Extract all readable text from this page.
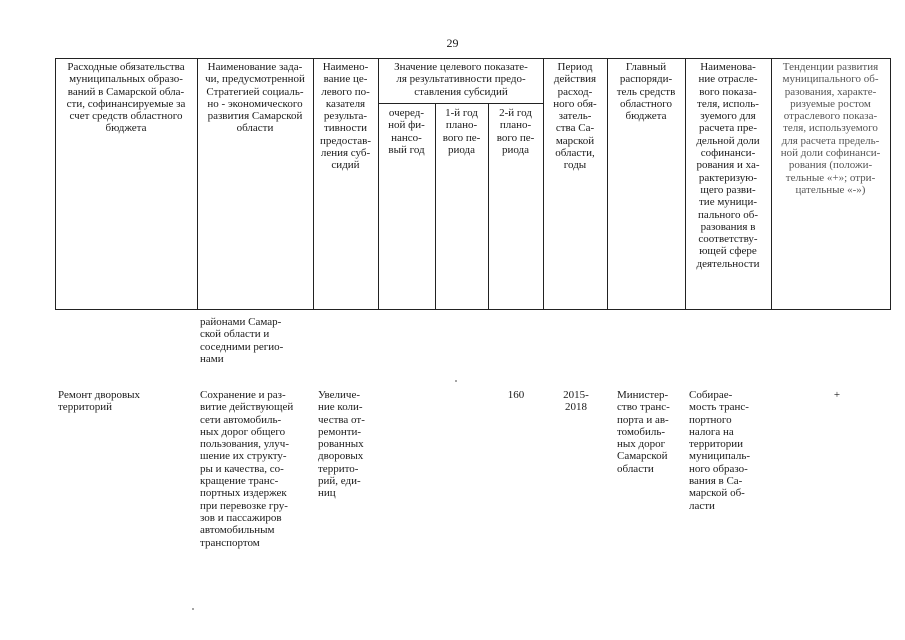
29
Расходные обязательства
муниципальных образо-
ваний в Самарской обла-
сти, софинансируемые за
счет средств областного
бюджета
Наименование зада-
чи, предусмотренной
Стратегией социаль-
но - экономического
развития Самарской
области
Наимено-
вание це-
левого по-
казателя
результа-
тивности
предостав-
ления суб-
сидий
Значение целевого показате-
ля результативности предо-
ставления субсидий
очеред-
ной фи-
нансо-
вый год
1-й год
плано-
вого пе-
риода
2-й год
плано-
вого пе-
риода
Период
действия
расход-
ного обя-
затель-
ства Са-
марской
области,
годы
Главный
распоряди-
тель средств
областного
бюджета
Наименова-
ние отрасле-
вого показа-
теля, исполь-
зуемого для
расчета пре-
дельной доли
софинанси-
рования и ха-
рактеризую-
щего разви-
тие муници-
пального об-
разования в
соответству-
ющей сфере
деятельности
Тенденции развития
муниципального об-
разования, характе-
ризуемые ростом
отраслевого показа-
теля, используемого
для расчета предель-
ной доли софинанси-
рования (положи-
тельные «+»; отри-
цательные «-»)
районами Самар-
ской области и
соседними регио-
нами
Ремонт дворовых
территорий
Сохранение и раз-
витие действующей
сети автомобиль-
ных дорог общего
пользования, улуч-
шение их структу-
ры и качества, со-
кращение транс-
портных издержек
при перевозке гру-
зов и пассажиров
автомобильным
транспортом
Увеличе-
ние коли-
чества от-
ремонти-
рованных
дворовых
террито-
рий, еди-
ниц
160	2015-
2018
Министер-
ство транс-
порта и ав-
томобиль-
ных дорог
Самарской
области
Собирае-
мость транс-
портного
налога на
территории
муниципаль-
ного образо-
вания в Са-
марской об-
ласти
+
